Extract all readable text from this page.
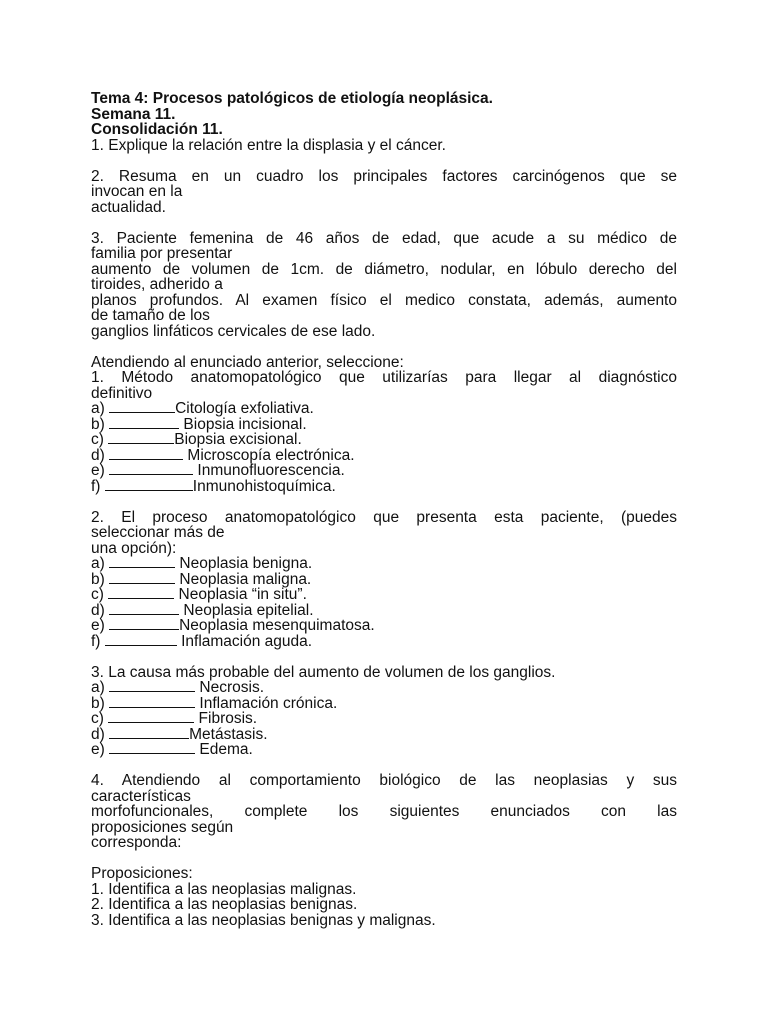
Tema 4: Procesos patológicos de etiología neoplásica.
Semana 11.
Consolidación 11.
1. Explique la relación entre la displasia y el cáncer.
2. Resuma en un cuadro los principales factores carcinógenos que se
invocan en la
actualidad.
3. Paciente femenina de 46 años de edad, que acude a su médico de
familia por presentar
aumento de volumen de 1cm. de diámetro, nodular, en lóbulo derecho del
tiroides, adherido a
planos profundos. Al examen físico el medico constata, además, aumento
de tamaño de los
ganglios linfáticos cervicales de ese lado.
Atendiendo al enunciado anterior, seleccione:
1. Método anatomopatológico que utilizarías para llegar al diagnóstico
definitivo
a)	Citología exfoliativa.
b)	Biopsia incisional.
c)	Biopsia excisional.
d)	Microscopía electrónica.
e)	Inmunofluorescencia.
f)	Inmunohistoquímica.
2. El proceso anatomopatológico que presenta esta paciente, (puedes
seleccionar más de
una opción):
a)	Neoplasia benigna.
b)	Neoplasia maligna.
c)	Neoplasia “in situ”.
d)	Neoplasia epitelial.
e)	Neoplasia mesenquimatosa.
f)	Inflamación aguda.
3. La causa más probable del aumento de volumen de los ganglios.
a)	Necrosis.
b)	Inflamación crónica.
c)	Fibrosis.
d)	Metástasis.
e)	Edema.
4. Atendiendo al comportamiento biológico de las neoplasias y sus
características
morfofuncionales, complete los siguientes enunciados con las
proposiciones según
corresponda:
Proposiciones:
1. Identifica a las neoplasias malignas.
2. Identifica a las neoplasias benignas.
3. Identifica a las neoplasias benignas y malignas.
